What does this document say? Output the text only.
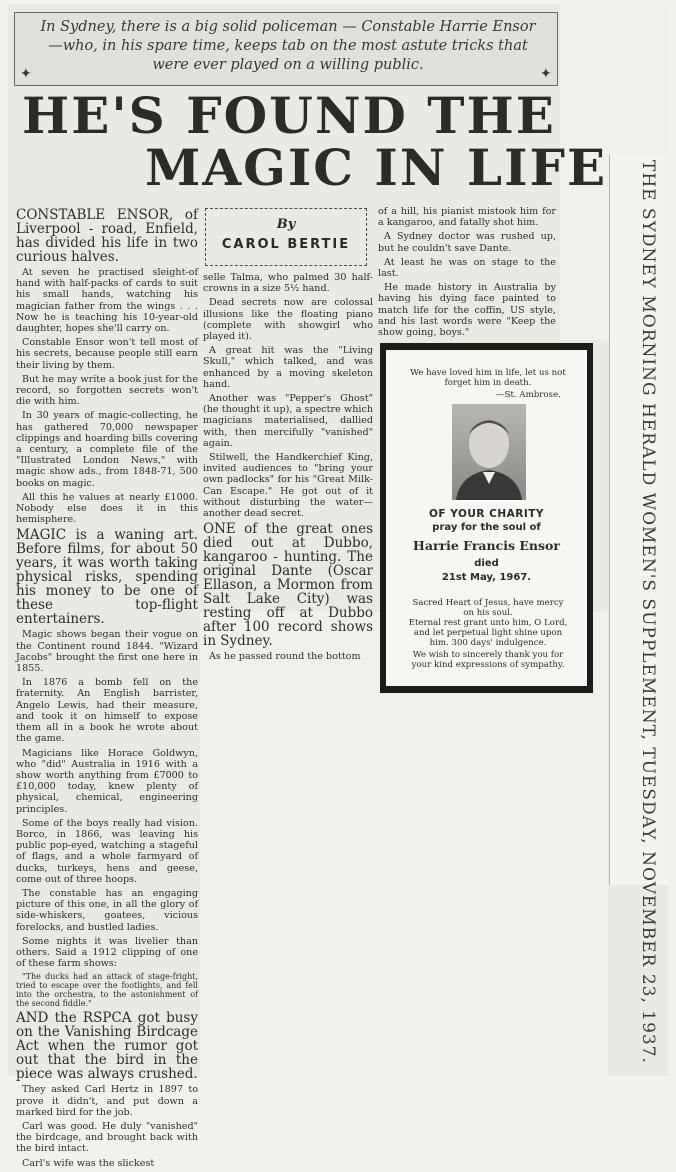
In Sydney, there is a big solid policeman — Constable Harrie Ensor—who, in his spare time, keeps tab on the most astute tricks that were ever played on a willing public.
✦	✦
HE'S FOUND THE
MAGIC IN LIFE
By
CAROL BERTIE

CONSTABLE ENSOR, of Liverpool - road, Enfield, has divided his life in two curious halves.

At seven he practised sleight-of hand with half-packs of cards to suit his small hands, watching his magician father from the wings . . . Now he is teaching his 10-year-old daughter, hopes she'll carry on.

Constable Ensor won't tell most of his secrets, because people still earn their living by them.

But he may write a book just for the record, so forgotten secrets won't die with him.

In 30 years of magic-collecting, he has gathered 70,000 newspaper clippings and hoarding bills covering a century, a complete file of the "Illustrated London News," with magic show ads., from 1848-71, 500 books on magic.

All this he values at nearly £1000. Nobody else does it in this hemisphere.

MAGIC is a waning art. Before films, for about 50 years, it was worth taking physical risks, spending his money to be one of these top-flight entertainers.

Magic shows began their vogue on the Continent round 1844. "Wizard Jacobs" brought the first one here in 1855.

In 1876 a bomb fell on the fraternity. An English barrister, Angelo Lewis, had their measure, and took it on himself to expose them all in a book he wrote about the game.

Magicians like Horace Goldwyn, who "did" Australia in 1916 with a show worth anything from £7000 to £10,000 today, knew plenty of physical, chemical, engineering principles.

Some of the boys really had vision. Borco, in 1866, was leaving his public pop-eyed, watching a stageful of flags, and a whole farmyard of ducks, turkeys, hens and geese, come out of three hoops.

The constable has an engaging picture of this one, in all the glory of side-whiskers, goatees, vicious forelocks, and bustled ladies.

Some nights it was livelier than others. Said a 1912 clipping of one of these farm shows:

"The ducks had an attack of stage-fright, tried to escape over the footlights, and fell into the orchestra, to the astonishment of the second fiddle."

AND the RSPCA got busy on the Vanishing Birdcage Act when the rumor got out that the bird in the piece was always crushed.

They asked Carl Hertz in 1897 to prove it didn't, and put down a marked bird for the job.

Carl was good. He duly "vanished" the birdcage, and brought back with the bird intact.

Carl's wife was the slickest

selle Talma, who palmed 30 half-crowns in a size 5½ hand.

Dead secrets now are colossal illusions like the floating piano (complete with showgirl who played it).

A great hit was the "Living Skull," which talked, and was enhanced by a moving skeleton hand.

Another was "Pepper's Ghost" (he thought it up), a spectre which magicians materialised, dallied with, then mercifully "vanished" again.

Stilwell, the Handkerchief King, invited audiences to "bring your own padlocks" for his "Great Milk-Can Escape." He got out of it without disturbing the water—another dead secret.

ONE of the great ones died out at Dubbo, kangaroo - hunting. The original Dante (Oscar Ellason, a Mormon from Salt Lake City) was resting off at Dubbo after 100 record shows in Sydney.

As he passed round the bottom

of a hill, his pianist mistook him for a kangaroo, and fatally shot him.

A Sydney doctor was rushed up, but he couldn't save Dante.

At least he was on stage to the last.

He made history in Australia by having his dying face painted to match life for the coffin, US style, and his last words were "Keep the show going, boys."

We have loved him in life, let us not forget him in death.
—St. Ambrose.
OF YOUR CHARITY
pray for the soul of
Harrie Francis Ensor
died
21st May, 1967.
Sacred Heart of Jesus, have mercy on his soul.
Eternal rest grant unto him, O Lord, and let perpetual light shine upon him. 300 days' indulgence.
We wish to sincerely thank you for your kind expressions of sympathy.	THE SYDNEY MORNING HERALD WOMEN'S SUPPLEMENT, TUESDAY, NOVEMBER 23, 1937.
